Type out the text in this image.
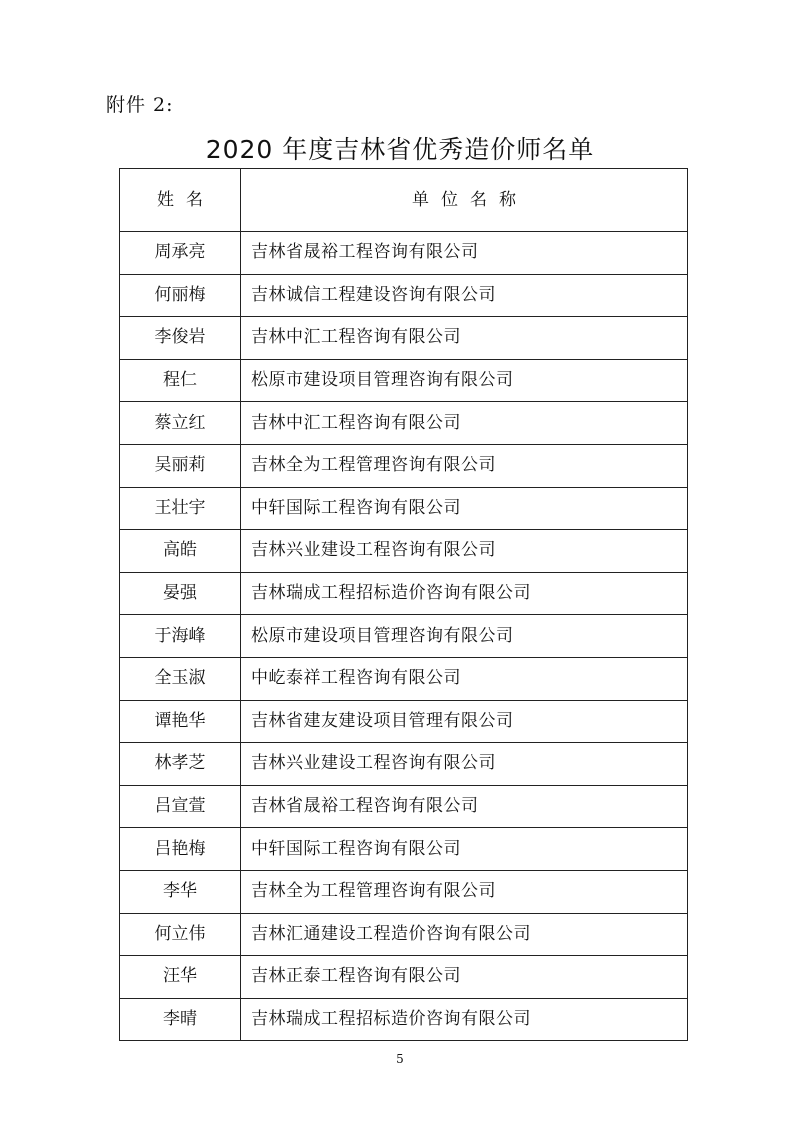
附件 2:
2020 年度吉林省优秀造价师名单
姓名	单位名称
周承亮	吉林省晟裕工程咨询有限公司
何丽梅	吉林诚信工程建设咨询有限公司
李俊岩	吉林中汇工程咨询有限公司
程仁	松原市建设项目管理咨询有限公司
蔡立红	吉林中汇工程咨询有限公司
吴丽莉	吉林全为工程管理咨询有限公司
王壮宇	中轩国际工程咨询有限公司
高皓	吉林兴业建设工程咨询有限公司
晏强	吉林瑞成工程招标造价咨询有限公司
于海峰	松原市建设项目管理咨询有限公司
全玉淑	中屹泰祥工程咨询有限公司
谭艳华	吉林省建友建设项目管理有限公司
林孝芝	吉林兴业建设工程咨询有限公司
吕宣萱	吉林省晟裕工程咨询有限公司
吕艳梅	中轩国际工程咨询有限公司
李华	吉林全为工程管理咨询有限公司
何立伟	吉林汇通建设工程造价咨询有限公司
汪华	吉林正泰工程咨询有限公司
李晴	吉林瑞成工程招标造价咨询有限公司
5
